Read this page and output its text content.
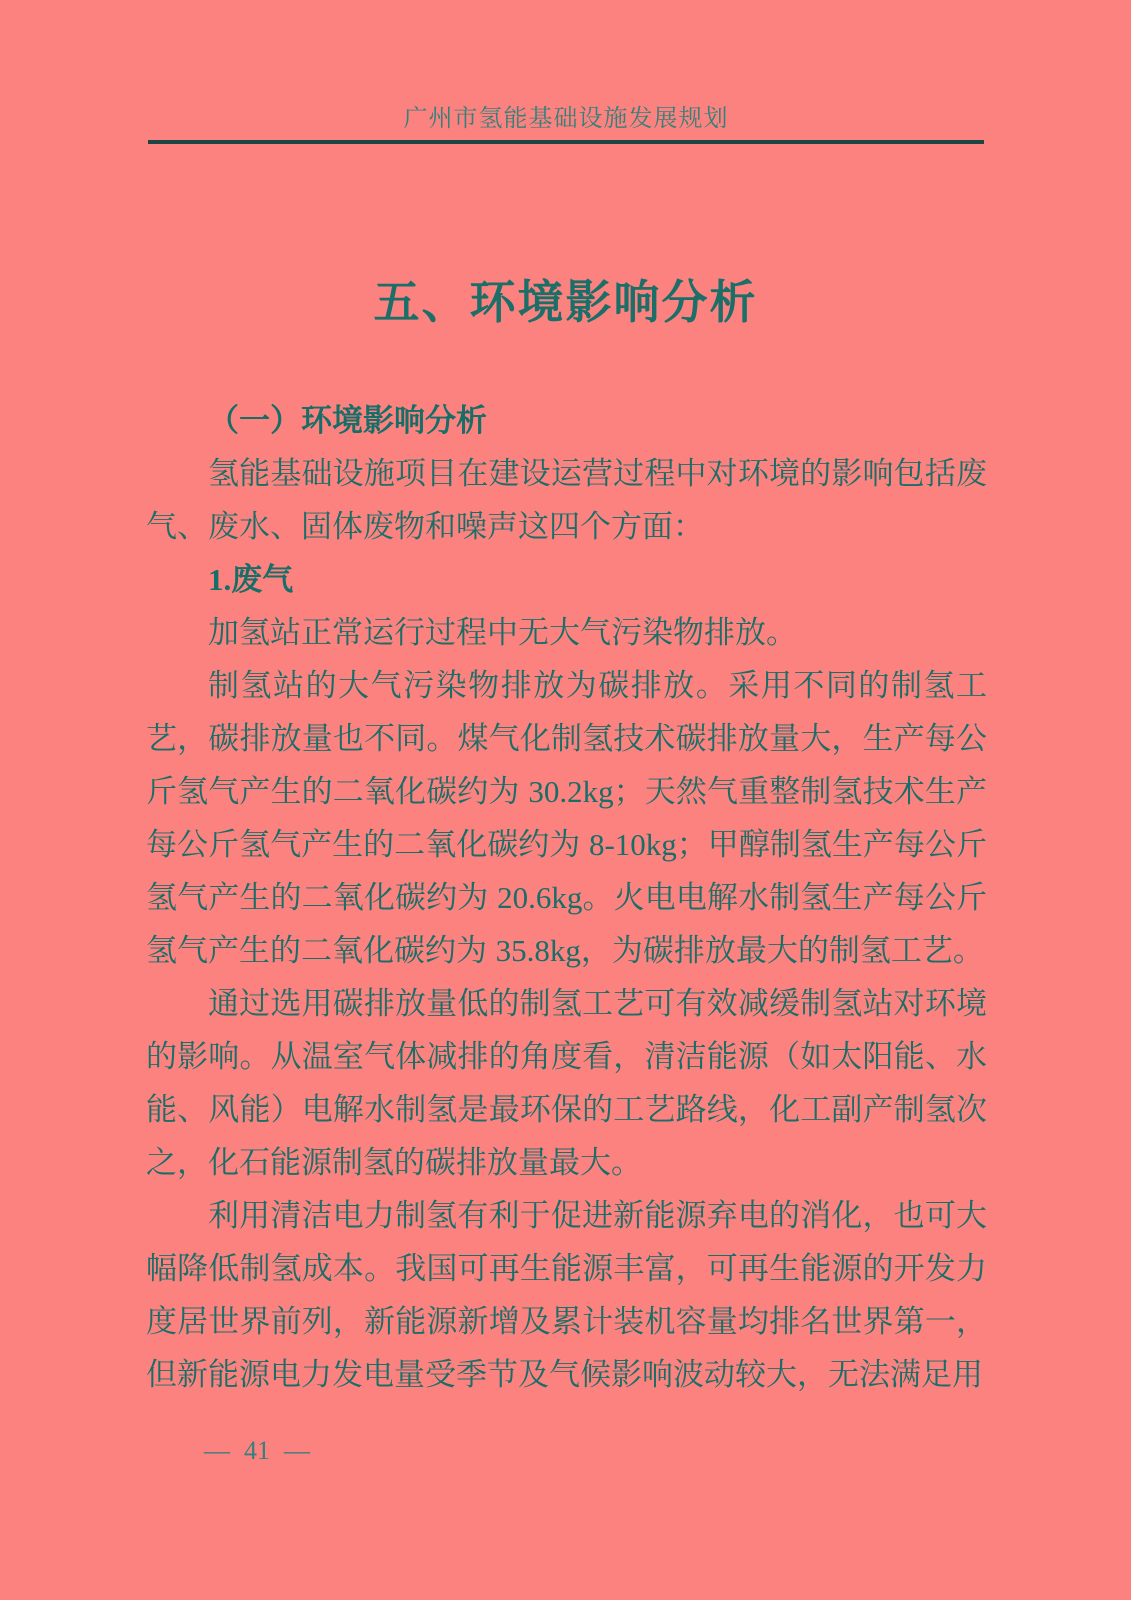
广州市氢能基础设施发展规划
五、环境影响分析
（一）环境影响分析

氢能基础设施项目在建设运营过程中对环境的影响包括废气、废水、固体废物和噪声这四个方面：

1.废气

加氢站正常运行过程中无大气污染物排放。

制氢站的大气污染物排放为碳排放。采用不同的制氢工艺，碳排放量也不同。煤气化制氢技术碳排放量大，生产每公斤氢气产生的二氧化碳约为 30.2kg；天然气重整制氢技术生产每公斤氢气产生的二氧化碳约为 8-10kg；甲醇制氢生产每公斤氢气产生的二氧化碳约为 20.6kg。火电电解水制氢生产每公斤氢气产生的二氧化碳约为 35.8kg，为碳排放最大的制氢工艺。

通过选用碳排放量低的制氢工艺可有效减缓制氢站对环境的影响。从温室气体减排的角度看，清洁能源（如太阳能、水能、风能）电解水制氢是最环保的工艺路线，化工副产制氢次之，化石能源制氢的碳排放量最大。

利用清洁电力制氢有利于促进新能源弃电的消化，也可大幅降低制氢成本。我国可再生能源丰富，可再生能源的开发力度居世界前列，新能源新增及累计装机容量均排名世界第一，但新能源电力发电量受季节及气候影响波动较大，无法满足用

— 41 —
